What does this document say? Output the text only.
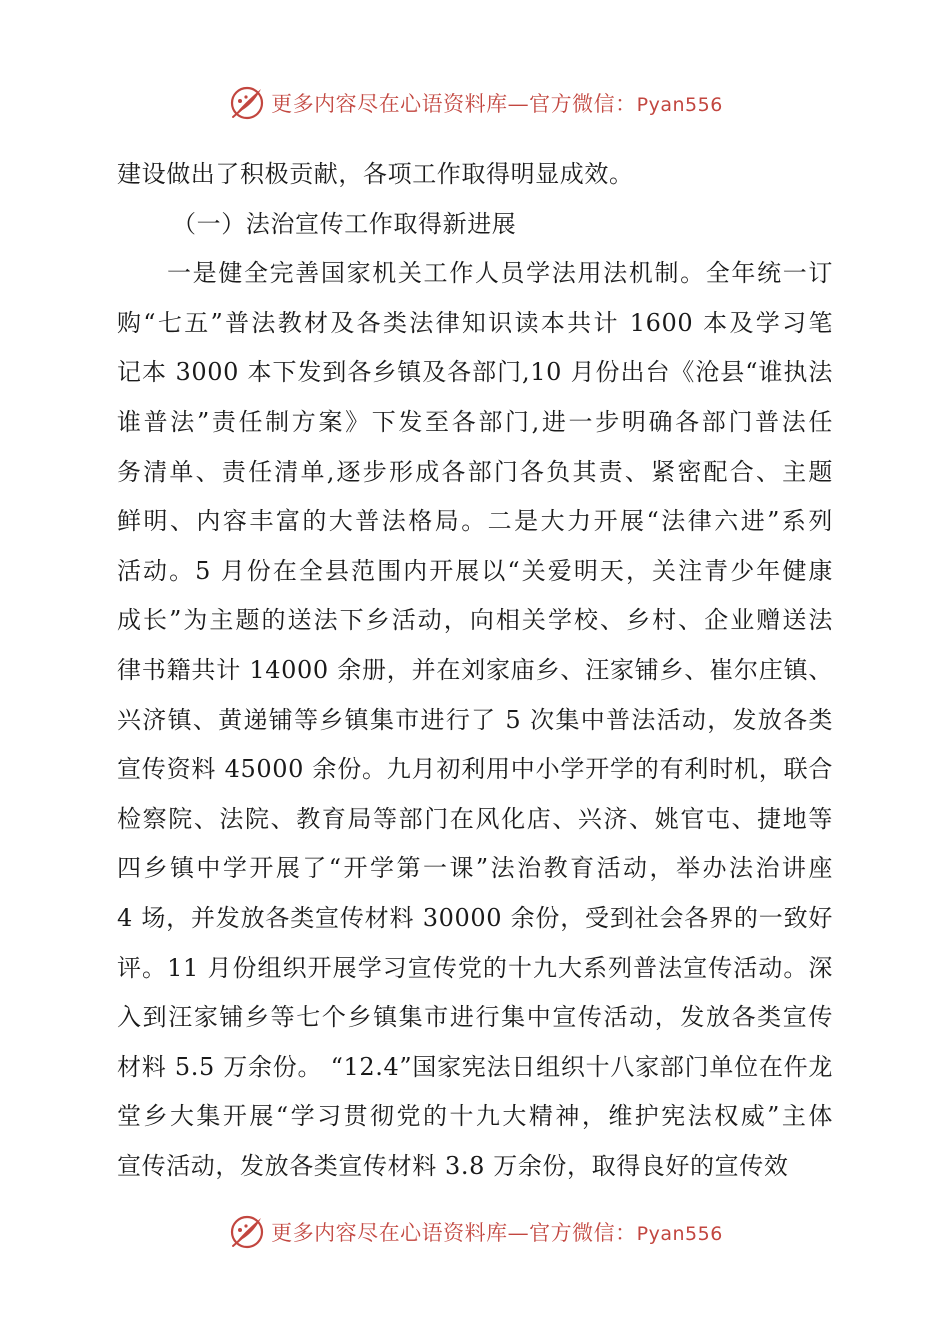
更多内容尽在心语资料库—官方微信：Pyan556
建设做出了积极贡献，各项工作取得明显成效。
（一）法治宣传工作取得新进展
一是健全完善国家机关工作人员学法用法机制。全年统一订
购“七五”普法教材及各类法律知识读本共计 1600 本及学习笔
记本 3000 本下发到各乡镇及各部门,10 月份出台《沧县“谁执法
谁普法”责任制方案》下发至各部门,进一步明确各部门普法任
务清单、责任清单,逐步形成各部门各负其责、紧密配合、主题
鲜明、内容丰富的大普法格局。二是大力开展“法律六进”系列
活动。5 月份在全县范围内开展以“关爱明天，关注青少年健康
成长”为主题的送法下乡活动，向相关学校、乡村、企业赠送法
律书籍共计 14000 余册，并在刘家庙乡、汪家铺乡、崔尔庄镇、
兴济镇、黄递铺等乡镇集市进行了 5 次集中普法活动，发放各类
宣传资料 45000 余份。九月初利用中小学开学的有利时机，联合
检察院、法院、教育局等部门在风化店、兴济、姚官屯、捷地等
四乡镇中学开展了“开学第一课”法治教育活动，举办法治讲座
4 场，并发放各类宣传材料 30000 余份，受到社会各界的一致好
评。11 月份组织开展学习宣传党的十九大系列普法宣传活动。深
入到汪家铺乡等七个乡镇集市进行集中宣传活动，发放各类宣传
材料 5.5 万余份。 “12.4”国家宪法日组织十八家部门单位在仵龙
堂乡大集开展“学习贯彻党的十九大精神，维护宪法权威”主体
宣传活动，发放各类宣传材料 3.8 万余份，取得良好的宣传效
更多内容尽在心语资料库—官方微信：Pyan556
